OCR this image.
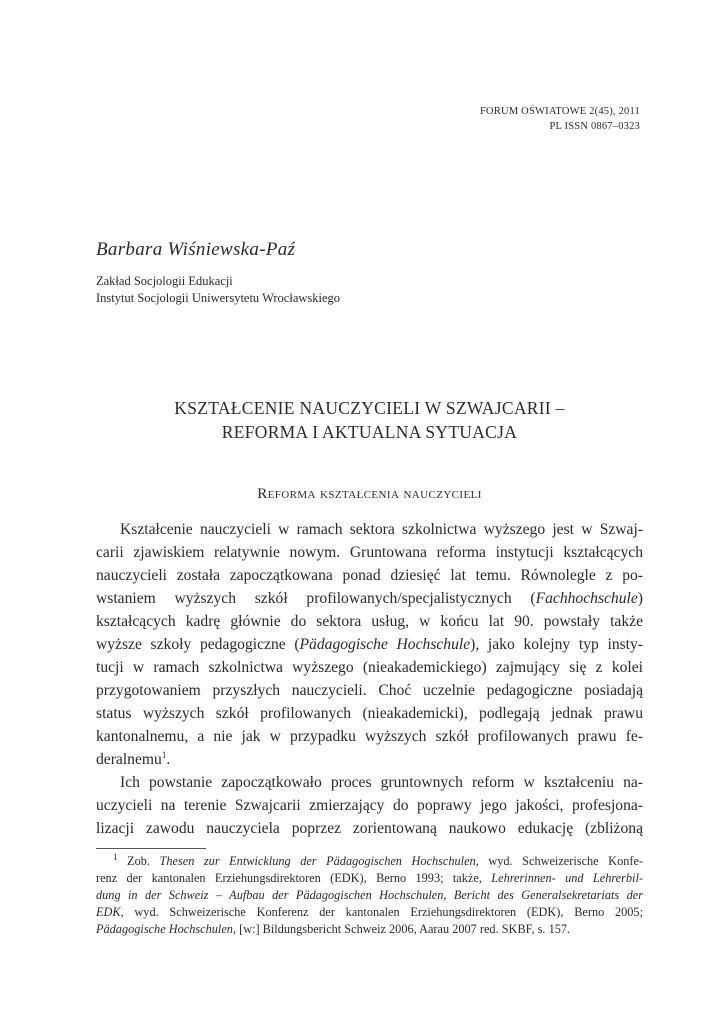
FORUM OŚWIATOWE 2(45), 2011
PL ISSN 0867–0323
Barbara Wiśniewska-Paź
Zakład Socjologii Edukacji
Instytut Socjologii Uniwersytetu Wrocławskiego
KSZTAŁCENIE NAUCZYCIELI W SZWAJCARII –
REFORMA I AKTUALNA SYTUACJA
Reforma kształcenia nauczycieli
Kształcenie nauczycieli w ramach sektora szkolnictwa wyższego jest w Szwaj-
carii zjawiskiem relatywnie nowym. Gruntowana reforma instytucji kształcących
nauczycieli została zapoczątkowana ponad dziesięć lat temu. Równolegle z po-
wstaniem wyższych szkół profilowanych/specjalistycznych (Fachhochschule)
kształcących kadrę głównie do sektora usług, w końcu lat 90. powstały także
wyższe szkoły pedagogiczne (Pädagogische Hochschule), jako kolejny typ insty-
tucji w ramach szkolnictwa wyższego (nieakademickiego) zajmujący się z kolei
przygotowaniem przyszłych nauczycieli. Choć uczelnie pedagogiczne posiadają
status wyższych szkół profilowanych (nieakademicki), podlegają jednak prawu
kantonalnemu, a nie jak w przypadku wyższych szkół profilowanych prawu fe-
deralnemu$^1$.
Ich powstanie zapoczątkowało proces gruntownych reform w kształceniu na-
uczycieli na terenie Szwajcarii zmierzający do poprawy jego jakości, profesjona-
lizacji zawodu nauczyciela poprzez zorientowaną naukowo edukację (zbliżoną
$^1$ Zob. Thesen zur Entwicklung der Pädagogischen Hochschulen, wyd. Schweizerische Konfe-
renz der kantonalen Erziehungsdirektoren (EDK), Berno 1993; także, Lehrerinnen- und Lehrerbil-
dung in der Schweiz – Aufbau der Pädagogischen Hochschulen, Bericht des Generalsekretariats der
EDK, wyd. Schweizerische Konferenz der kantonalen Erziehungsdirektoren (EDK), Berno 2005;
Pädagogische Hochschulen, [w:] Bildungsbericht Schweiz 2006, Aarau 2007 red. SKBF, s. 157.
